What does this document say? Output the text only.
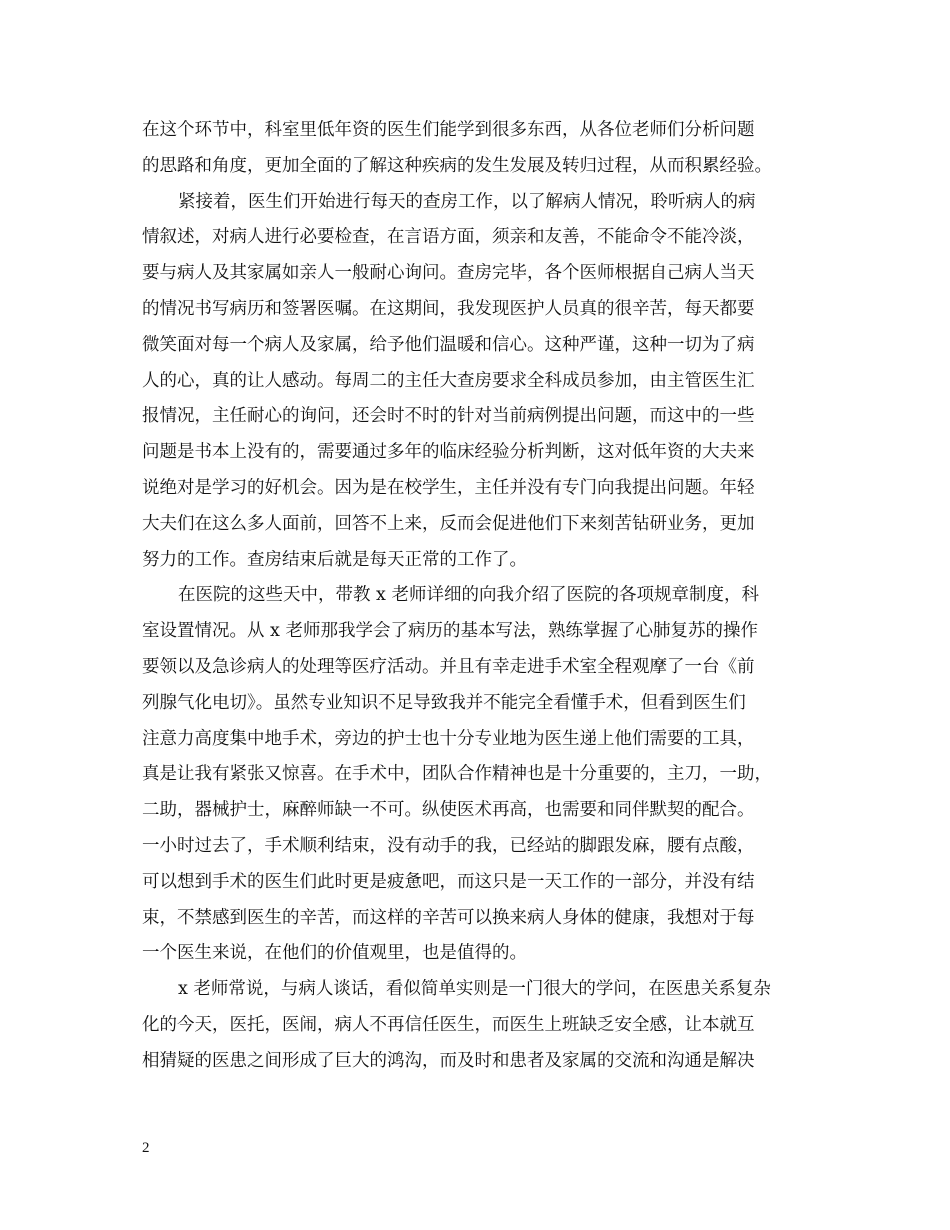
在这个环节中，科室里低年资的医生们能学到很多东西，从各位老师们分析问题
的思路和角度，更加全面的了解这种疾病的发生发展及转归过程，从而积累经验。
紧接着，医生们开始进行每天的查房工作，以了解病人情况，聆听病人的病
情叙述，对病人进行必要检查，在言语方面，须亲和友善，不能命令不能冷淡，
要与病人及其家属如亲人一般耐心询问。查房完毕，各个医师根据自己病人当天
的情况书写病历和签署医嘱。在这期间，我发现医护人员真的很辛苦，每天都要
微笑面对每一个病人及家属，给予他们温暖和信心。这种严谨，这种一切为了病
人的心，真的让人感动。每周二的主任大查房要求全科成员参加，由主管医生汇
报情况，主任耐心的询问，还会时不时的针对当前病例提出问题，而这中的一些
问题是书本上没有的，需要通过多年的临床经验分析判断，这对低年资的大夫来
说绝对是学习的好机会。因为是在校学生，主任并没有专门向我提出问题。年轻
大夫们在这么多人面前，回答不上来，反而会促进他们下来刻苦钻研业务，更加
努力的工作。查房结束后就是每天正常的工作了。
在医院的这些天中，带教 x 老师详细的向我介绍了医院的各项规章制度，科
室设置情况。从 x 老师那我学会了病历的基本写法，熟练掌握了心肺复苏的操作
要领以及急诊病人的处理等医疗活动。并且有幸走进手术室全程观摩了一台《前
列腺气化电切》。虽然专业知识不足导致我并不能完全看懂手术，但看到医生们
注意力高度集中地手术，旁边的护士也十分专业地为医生递上他们需要的工具，
真是让我有紧张又惊喜。在手术中，团队合作精神也是十分重要的，主刀，一助，
二助，器械护士，麻醉师缺一不可。纵使医术再高，也需要和同伴默契的配合。
一小时过去了，手术顺利结束，没有动手的我，已经站的脚跟发麻，腰有点酸，
可以想到手术的医生们此时更是疲惫吧，而这只是一天工作的一部分，并没有结
束，不禁感到医生的辛苦，而这样的辛苦可以换来病人身体的健康，我想对于每
一个医生来说，在他们的价值观里，也是值得的。
x 老师常说，与病人谈话，看似简单实则是一门很大的学问，在医患关系复杂
化的今天，医托，医闹，病人不再信任医生，而医生上班缺乏安全感，让本就互
相猜疑的医患之间形成了巨大的鸿沟，而及时和患者及家属的交流和沟通是解决
2
